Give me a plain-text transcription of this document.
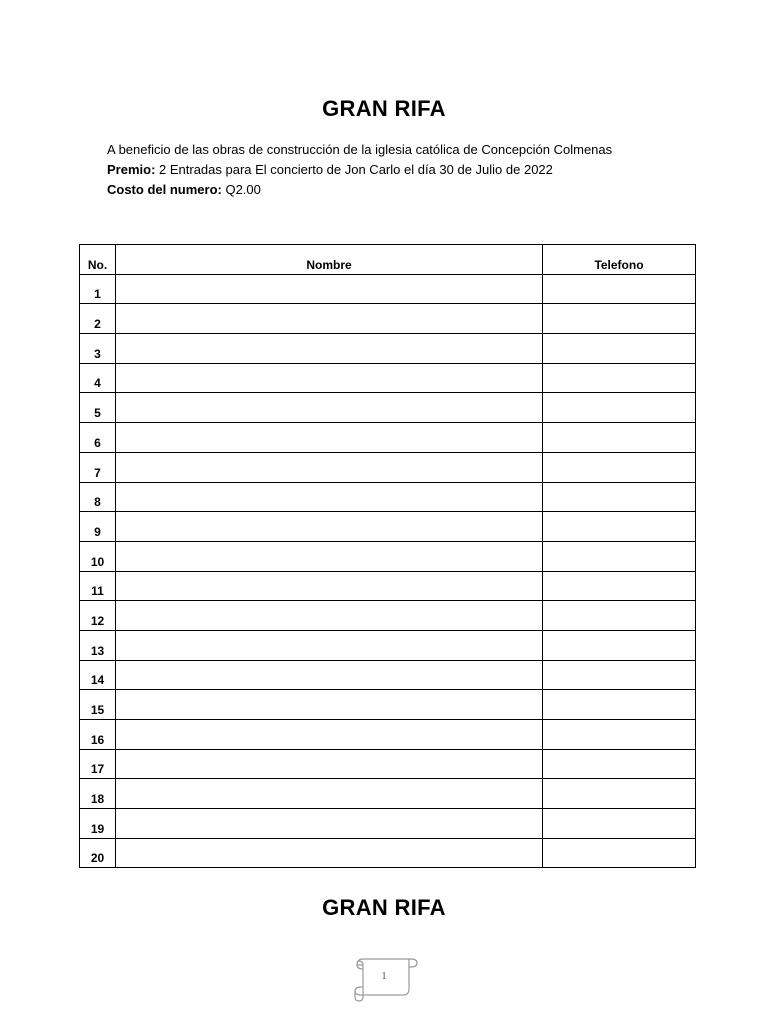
GRAN RIFA
A beneficio de las obras de construcción de la iglesia católica de Concepción Colmenas
Premio: 2 Entradas para El concierto de Jon Carlo el día 30 de Julio de 2022
Costo del numero: Q2.00
No.	Nombre	Telefono
1		
2		
3		
4		
5		
6		
7		
8		
9		
10		
11		
12		
13		
14		
15		
16		
17		
18		
19		
20		
GRAN RIFA
1
